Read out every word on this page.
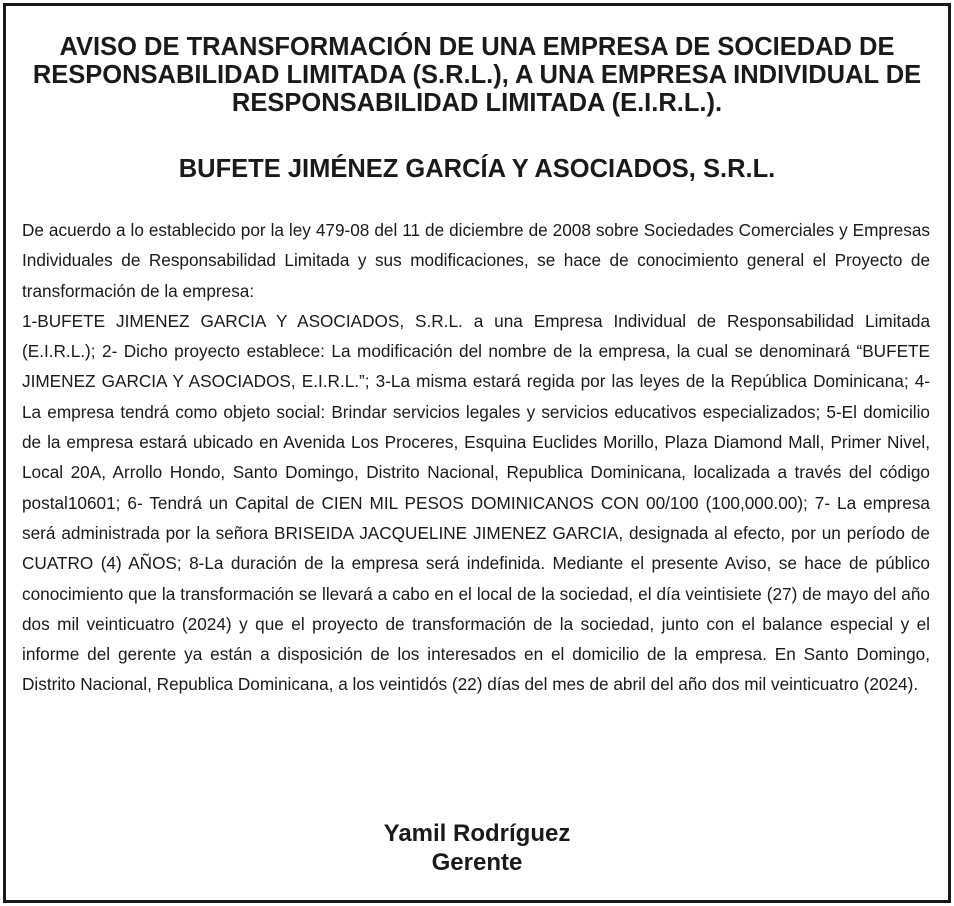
AVISO DE TRANSFORMACIÓN DE UNA EMPRESA DE SOCIEDAD DE RESPONSABILIDAD LIMITADA (S.R.L.), A UNA EMPRESA INDIVIDUAL DE RESPONSABILIDAD LIMITADA (E.I.R.L.).
BUFETE JIMÉNEZ GARCÍA Y ASOCIADOS, S.R.L.

De acuerdo a lo establecido por la ley 479-08 del 11 de diciembre de 2008 sobre Sociedades Comerciales y Empresas Individuales de Responsabilidad Limitada y sus modificaciones, se hace de conocimiento general el Proyecto de transformación de la empresa:

1-BUFETE JIMENEZ GARCIA Y ASOCIADOS, S.R.L. a una Empresa Individual de Responsabilidad Limitada (E.I.R.L.); 2- Dicho proyecto establece: La modificación del nombre de la empresa, la cual se denominará “BUFETE JIMENEZ GARCIA Y ASOCIADOS, E.I.R.L.”; 3-La misma estará regida por las leyes de la República Dominicana; 4- La empresa tendrá como objeto social: Brindar servicios legales y servicios educativos especializados; 5-El domicilio de la empresa estará ubicado en Avenida Los Proceres, Esquina Euclides Morillo, Plaza Diamond Mall, Primer Nivel, Local 20A, Arrollo Hondo, Santo Domingo, Distrito Nacional, Republica Dominicana, localizada a través del código postal10601; 6- Tendrá un Capital de CIEN MIL PESOS DOMINICANOS CON 00/100 (100,000.00); 7- La empresa será administrada por la señora BRISEIDA JACQUELINE JIMENEZ GARCIA, designada al efecto, por un período de CUATRO (4) AÑOS; 8-La duración de la empresa será indefinida. Mediante el presente Aviso, se hace de público conocimiento que la transformación se llevará a cabo en el local de la sociedad, el día veintisiete (27) de mayo del año dos mil veinticuatro (2024) y que el proyecto de transformación de la sociedad, junto con el balance especial y el informe del gerente ya están a disposición de los interesados en el domicilio de la empresa. En Santo Domingo, Distrito Nacional, Republica Dominicana, a los veintidós (22) días del mes de abril del año dos mil veinticuatro (2024).

Yamil Rodríguez
Gerente
